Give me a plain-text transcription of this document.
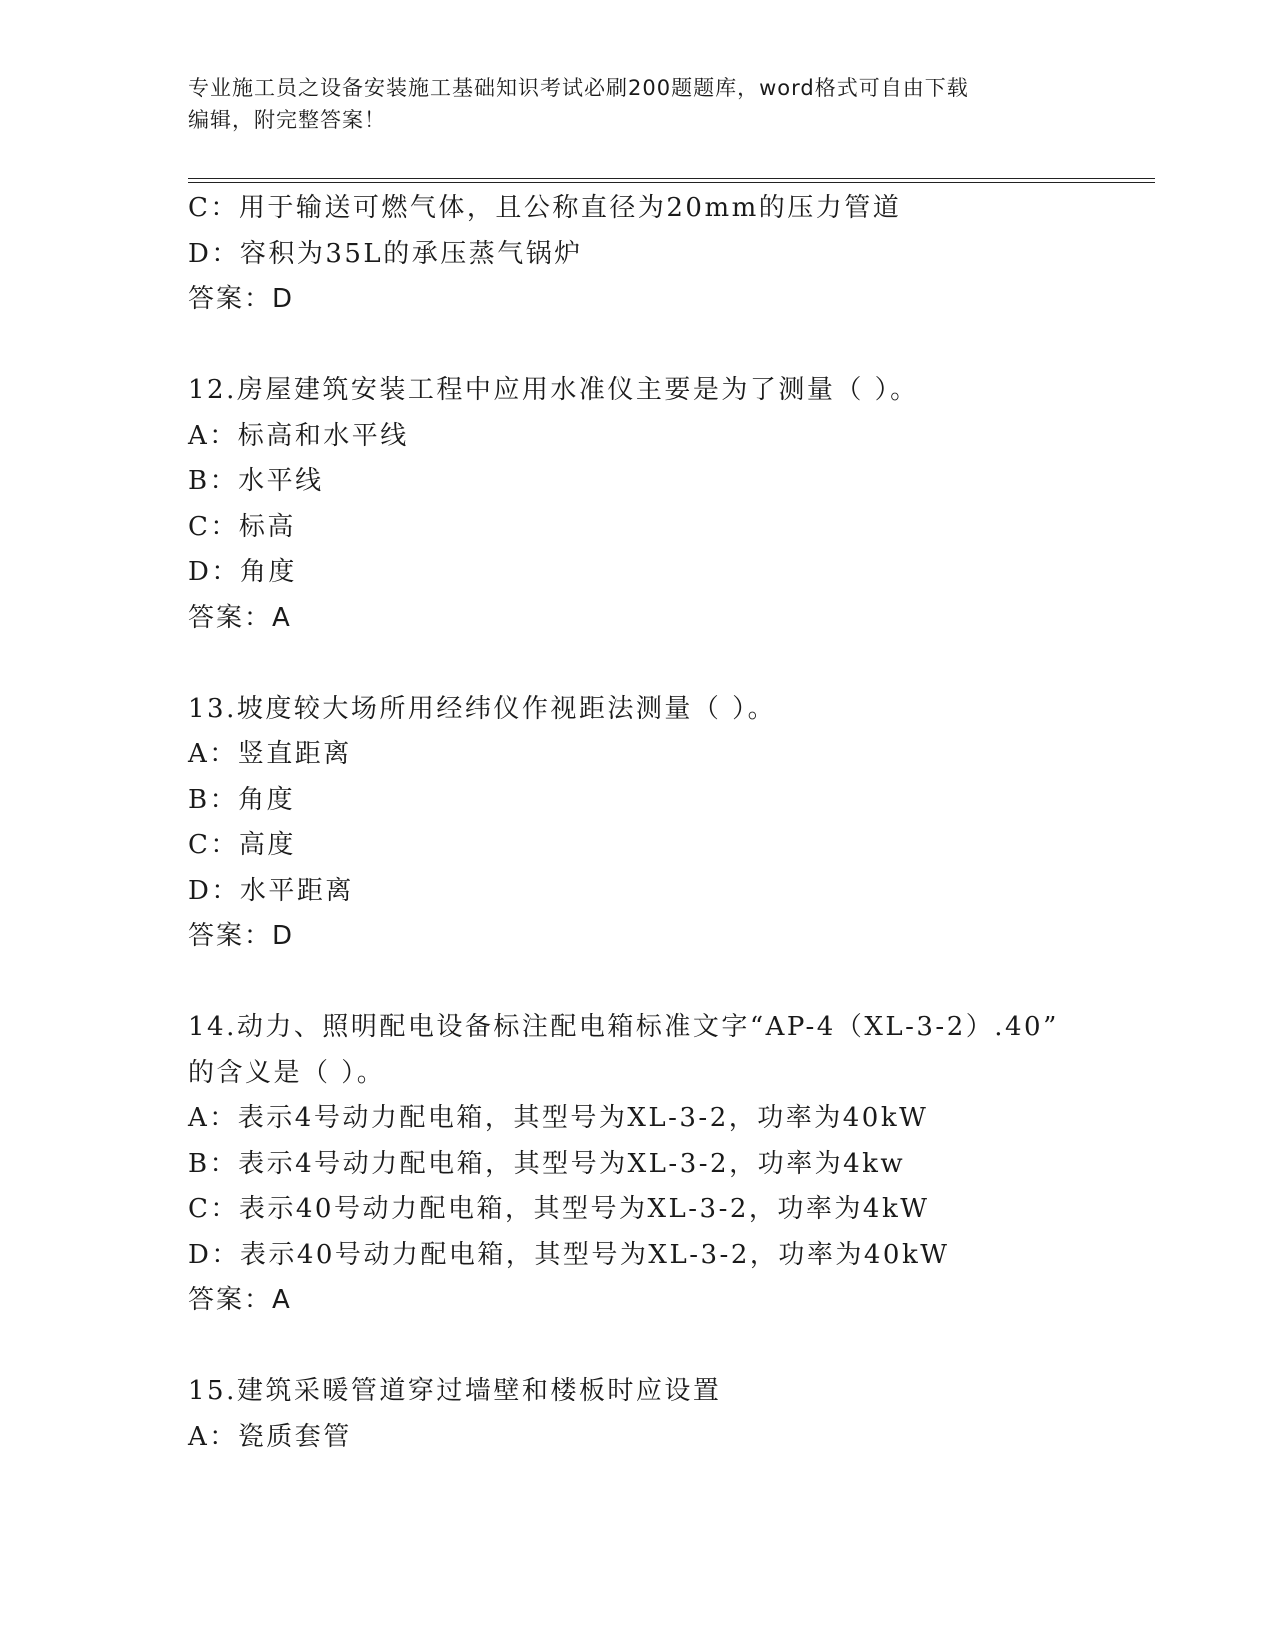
专业施工员之设备安装施工基础知识考试必刷200题题库，word格式可自由下载
编辑，附完整答案！
C：用于输送可燃气体，且公称直径为20mm的压力管道
D：容积为35L的承压蒸气锅炉
答案：D
12.房屋建筑安装工程中应用水准仪主要是为了测量（ ）。
A：标高和水平线
B：水平线
C：标高
D：角度
答案：A
13.坡度较大场所用经纬仪作视距法测量（ ）。
A：竖直距离
B：角度
C：高度
D：水平距离
答案：D
14.动力、照明配电设备标注配电箱标准文字“AP-4（XL-3-2）.40”
的含义是（ ）。
A：表示4号动力配电箱，其型号为XL-3-2，功率为40kW
B：表示4号动力配电箱，其型号为XL-3-2，功率为4kw
C：表示40号动力配电箱，其型号为XL-3-2，功率为4kW
D：表示40号动力配电箱，其型号为XL-3-2，功率为40kW
答案：A
15.建筑采暖管道穿过墙壁和楼板时应设置
A：瓷质套管
